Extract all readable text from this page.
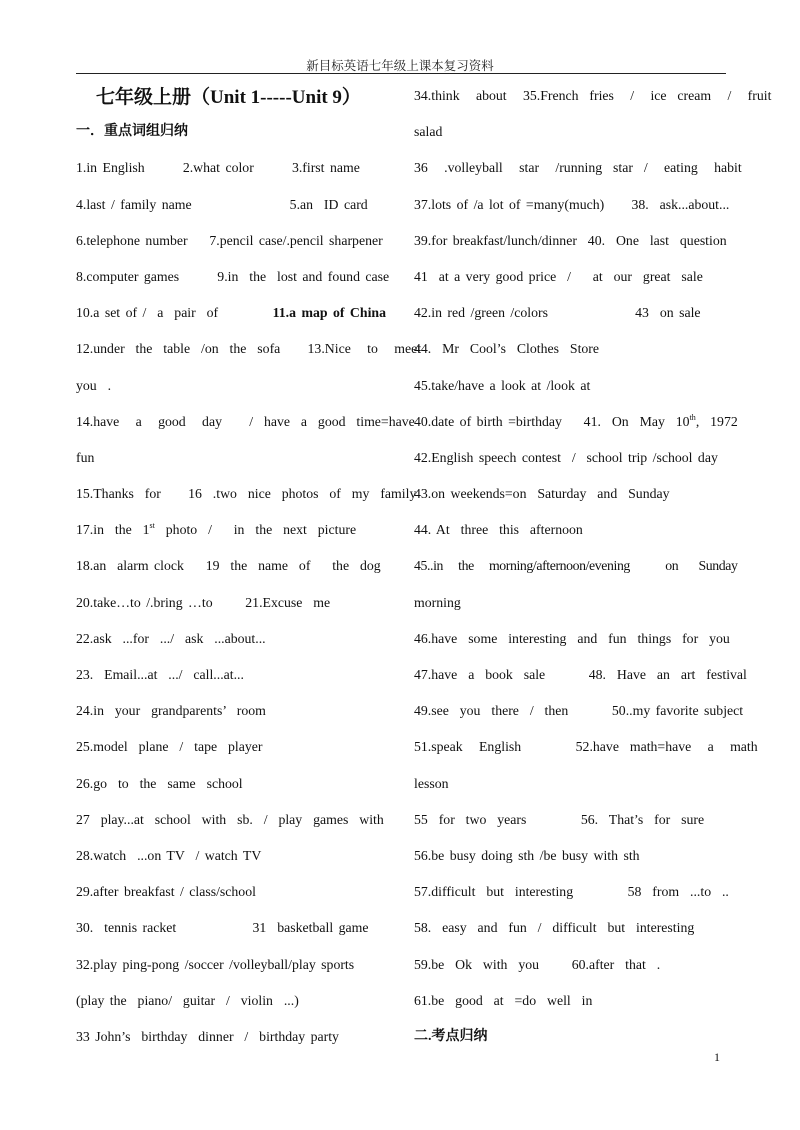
新目标英语七年级上课本复习资料
七年级上册（Unit 1-----Unit 9）
一．重点词组归纳
1.in English       2.what color       3.first name
4.last / family name                  5.an  ID card
6.telephone number    7.pencil case/.pencil sharpener
8.computer games       9.in  the  lost and found case
10.a set of /  a  pair  of	11.a map of China
12.under  the  table  /on  the  sofa     13.Nice   to   meet
you  .
14.have   a   good   day     /  have  a  good  time=have
fun
15.Thanks  for     16  .two  nice  photos  of  my  family
17.in  the  1st  photo  /    in  the  next  picture
18.an  alarm clock    19  the  name  of    the  dog
20.take…to /.bring …to      21.Excuse  me
22.ask  ...for  .../  ask  ...about...
23.  Email...at  .../  call...at...
24.in  your  grandparents’  room
25.model  plane  /  tape  player
26.go  to  the  same  school
27  play...at  school  with  sb.  /  play  games  with
28.watch  ...on TV  / watch TV
29.after breakfast / class/school
30.  tennis racket              31  basketball game
32.play ping-pong /soccer /volleyball/play sports
(play the  piano/  guitar  /  violin  ...)
33 John’s  birthday  dinner  /  birthday party
34.think   about   35.French  fries   /   ice  cream   /   fruit
salad
36   .volleyball   star   /running  star  /   eating   habit
37.lots of /a lot of =many(much)     38.  ask...about...
39.for breakfast/lunch/dinner  40.  One  last  question
41  at a very good price  /    at  our  great  sale
42.in red /green /colors                43  on sale
44.  Mr  Cool’s  Clothes  Store
45.take/have a look at /look at
40.date of birth =birthday    41.  On  May  10th,  1972
42.English speech contest  /  school trip /school day
43.on weekends=on  Saturday  and  Sunday
44. At  three  this  afternoon
45..in   the   morning/afternoon/evening       on    Sunday
morning
46.have  some  interesting  and  fun  things  for  you
47.have  a  book  sale        48.  Have  an  art  festival
49.see  you  there  /  then        50..my favorite subject
51.speak   English          52.have  math=have   a   math
lesson
55  for  two  years          56.  That’s  for  sure
56.be busy doing sth /be busy with sth
57.difficult  but  interesting          58  from  ...to  ..
58.  easy  and  fun  /  difficult  but  interesting
59.be  Ok  with  you      60.after  that  .
61.be  good  at  =do  well  in
二.考点归纳
1
